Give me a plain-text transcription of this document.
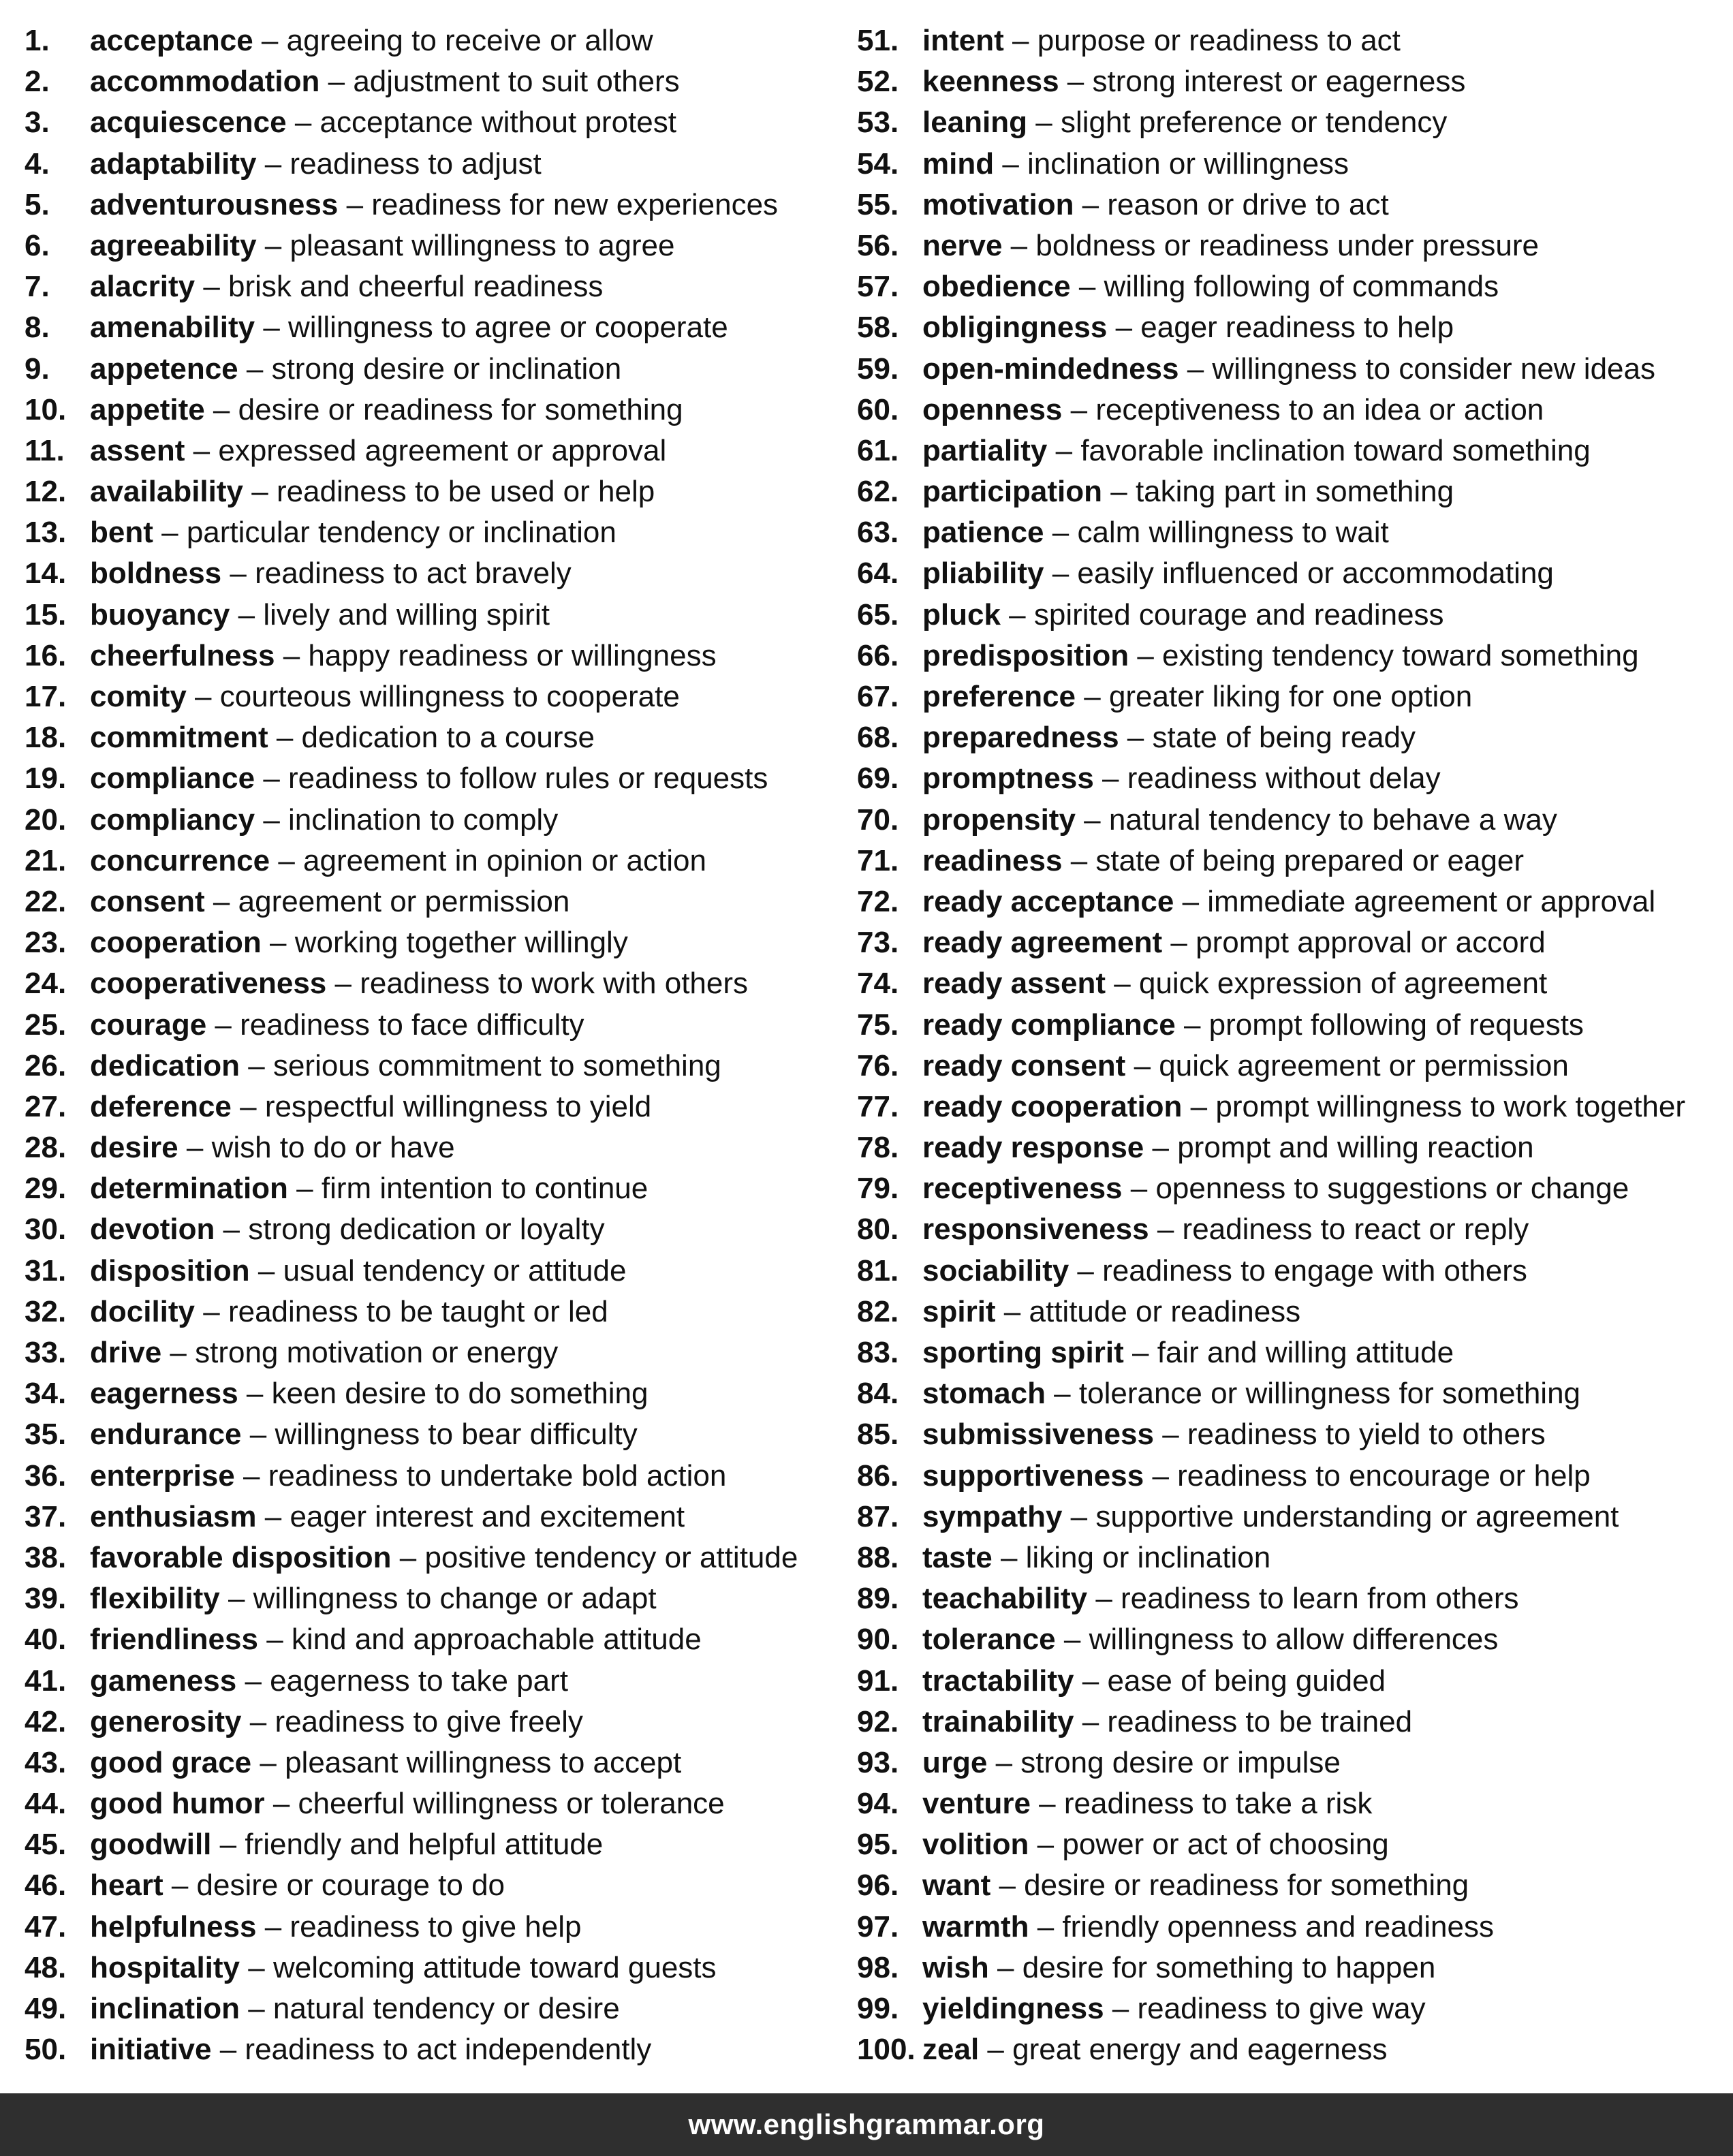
1. acceptance – agreeing to receive or allow
2. accommodation – adjustment to suit others
3. acquiescence – acceptance without protest
4. adaptability – readiness to adjust
5. adventurousness – readiness for new experiences
6. agreeability – pleasant willingness to agree
7. alacrity – brisk and cheerful readiness
8. amenability – willingness to agree or cooperate
9. appetence – strong desire or inclination
10. appetite – desire or readiness for something
11. assent – expressed agreement or approval
12. availability – readiness to be used or help
13. bent – particular tendency or inclination
14. boldness – readiness to act bravely
15. buoyancy – lively and willing spirit
16. cheerfulness – happy readiness or willingness
17. comity – courteous willingness to cooperate
18. commitment – dedication to a course
19. compliance – readiness to follow rules or requests
20. compliancy – inclination to comply
21. concurrence – agreement in opinion or action
22. consent – agreement or permission
23. cooperation – working together willingly
24. cooperativeness – readiness to work with others
25. courage – readiness to face difficulty
26. dedication – serious commitment to something
27. deference – respectful willingness to yield
28. desire – wish to do or have
29. determination – firm intention to continue
30. devotion – strong dedication or loyalty
31. disposition – usual tendency or attitude
32. docility – readiness to be taught or led
33. drive – strong motivation or energy
34. eagerness – keen desire to do something
35. endurance – willingness to bear difficulty
36. enterprise – readiness to undertake bold action
37. enthusiasm – eager interest and excitement
38. favorable disposition – positive tendency or attitude
39. flexibility – willingness to change or adapt
40. friendliness – kind and approachable attitude
41. gameness – eagerness to take part
42. generosity – readiness to give freely
43. good grace – pleasant willingness to accept
44. good humor – cheerful willingness or tolerance
45. goodwill – friendly and helpful attitude
46. heart – desire or courage to do
47. helpfulness – readiness to give help
48. hospitality – welcoming attitude toward guests
49. inclination – natural tendency or desire
50. initiative – readiness to act independently
51. intent – purpose or readiness to act
52. keenness – strong interest or eagerness
53. leaning – slight preference or tendency
54. mind – inclination or willingness
55. motivation – reason or drive to act
56. nerve – boldness or readiness under pressure
57. obedience – willing following of commands
58. obligingness – eager readiness to help
59. open-mindedness – willingness to consider new ideas
60. openness – receptiveness to an idea or action
61. partiality – favorable inclination toward something
62. participation – taking part in something
63. patience – calm willingness to wait
64. pliability – easily influenced or accommodating
65. pluck – spirited courage and readiness
66. predisposition – existing tendency toward something
67. preference – greater liking for one option
68. preparedness – state of being ready
69. promptness – readiness without delay
70. propensity – natural tendency to behave a way
71. readiness – state of being prepared or eager
72. ready acceptance – immediate agreement or approval
73. ready agreement – prompt approval or accord
74. ready assent – quick expression of agreement
75. ready compliance – prompt following of requests
76. ready consent – quick agreement or permission
77. ready cooperation – prompt willingness to work together
78. ready response – prompt and willing reaction
79. receptiveness – openness to suggestions or change
80. responsiveness – readiness to react or reply
81. sociability – readiness to engage with others
82. spirit – attitude or readiness
83. sporting spirit – fair and willing attitude
84. stomach – tolerance or willingness for something
85. submissiveness – readiness to yield to others
86. supportiveness – readiness to encourage or help
87. sympathy – supportive understanding or agreement
88. taste – liking or inclination
89. teachability – readiness to learn from others
90. tolerance – willingness to allow differences
91. tractability – ease of being guided
92. trainability – readiness to be trained
93. urge – strong desire or impulse
94. venture – readiness to take a risk
95. volition – power or act of choosing
96. want – desire or readiness for something
97. warmth – friendly openness and readiness
98. wish – desire for something to happen
99. yieldingness – readiness to give way
100. zeal – great energy and eagerness
www.englishgrammar.org
